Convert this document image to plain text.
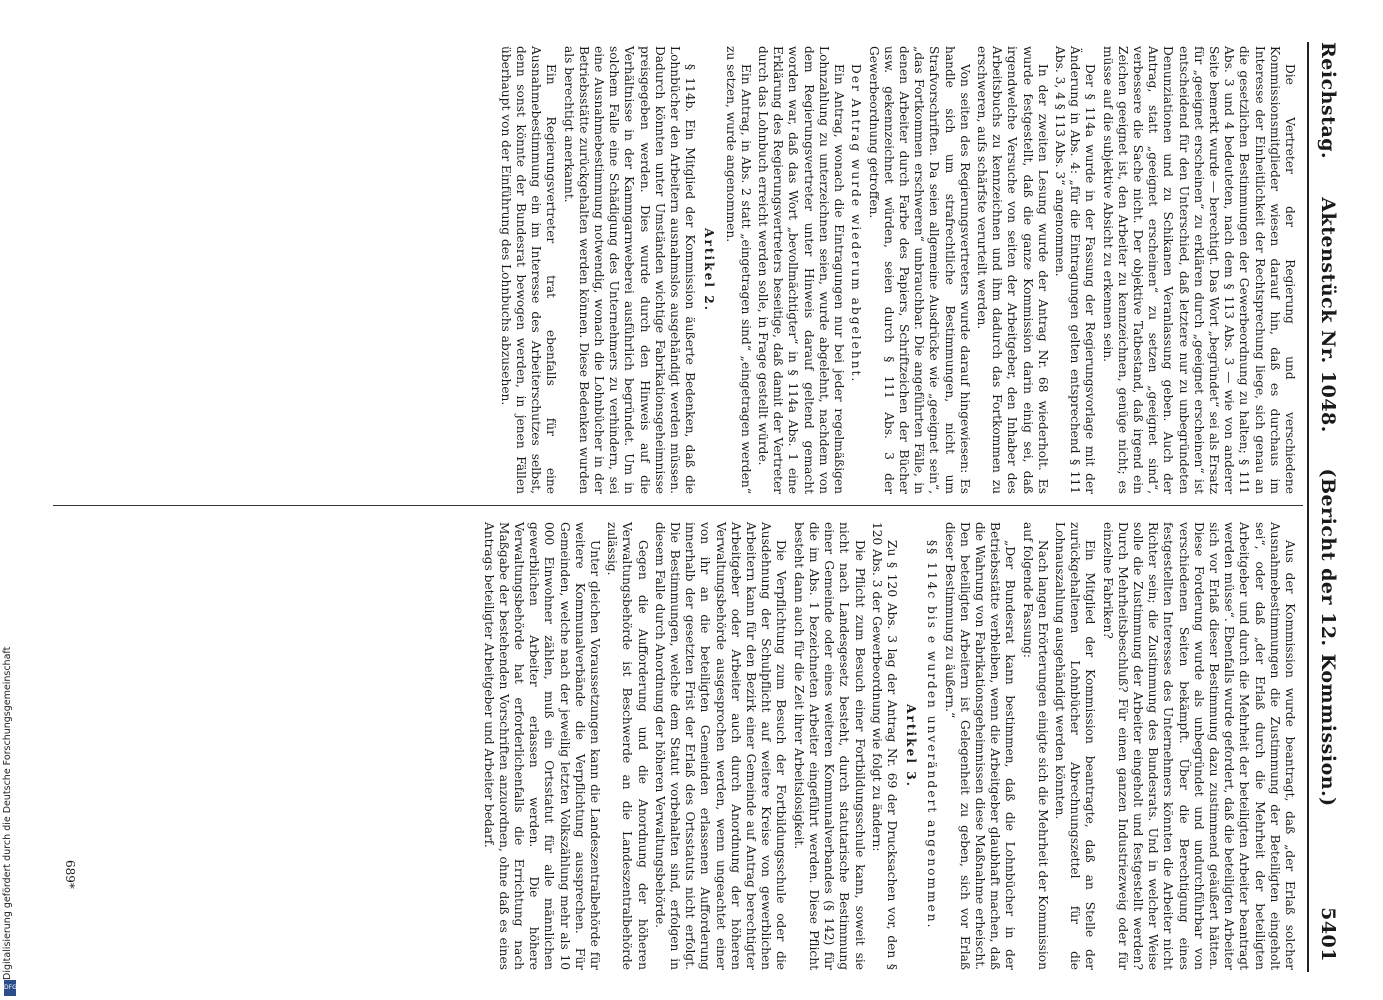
Reichstag.
Aktenstück Nr. 1048.     (Bericht der 12. Kommission.)
5401

Die Vertreter der Regierung und verschiedene Kommissionsmitglieder wiesen darauf hin, daß es durchaus im Interesse der Einheitlichkeit der Rechtsprechung liege, sich genau an die gesetzlichen Bestimmungen der Gewerbeordnung zu halten; § 111 Abs. 3 und 4 bedeuteten, nach dem § 113 Abs. 3 — wie von anderer Seite bemerkt wurde — berechtigt. Das Wort „begründet“ sei als Ersatz für „geeignet erscheinen“ zu erklären durch „geeignet erscheinen“ ist entscheidend für den Unterschied, daß letztere nur zu unbegründeten Denunziationen und zu Schikanen Veranlassung geben. Auch der Antrag, statt „geeignet erscheinen“ zu setzen „geeignet sind“, verbessere die Sache nicht. Der objektive Tatbestand, daß irgend ein Zeichen geeignet ist, den Arbeiter zu kennzeichnen, genüge nicht; es müsse auf die subjektive Absicht zu erkennen sein.

Der § 114a wurde in der Fassung der Regierungsvorlage mit der Änderung in Abs. 4: „für die Eintragungen gelten entsprechend § 111 Abs. 3, 4 § 113 Abs. 3“ angenommen.

In der zweiten Lesung wurde der Antrag Nr. 68 wiederholt. Es wurde festgestellt, daß die ganze Kommission darin einig sei, daß irgendwelche Versuche von seiten der Arbeitgeber, den Inhaber des Arbeitsbuchs zu kennzeichnen und ihm dadurch das Fortkommen zu erschweren, aufs schärfste verurteilt werden.

Von seiten des Regierungsvertreters wurde darauf hingewiesen: Es handle sich um strafrechtliche Bestimmungen, nicht um Strafvorschriften. Da seien allgemeine Ausdrücke wie „geeignet sein“, „das Fortkommen erschweren“ unbrauchbar. Die angeführten Fälle, in denen Arbeiter durch Farbe des Papiers, Schriftzeichen der Bücher usw. gekennzeichnet würden, seien durch § 111 Abs. 3 der Gewerbeordnung getroffen.

Der Antrag wurde wiederum abgelehnt.

Ein Antrag, wonach die Eintragungen nur bei jeder regelmäßigen Lohnzahlung zu unterzeichnen seien, wurde abgelehnt, nachdem von dem Regierungsvertreter unter Hinweis darauf geltend gemacht worden war, daß das Wort „bevollmächtigter“ in § 114a Abs. 1 eine Erklärung des Regierungsvertreters beseitige, daß damit der Vertreter durch das Lohnbuch erreicht werden solle, in Frage gestellt würde.

Ein Antrag, in Abs. 2 statt „eingetragen sind“ „eingetragen werden“ zu setzen, wurde angenommen.

Artikel 2.

§ 114b. Ein Mitglied der Kommission äußerte Bedenken, daß die Lohnbücher den Arbeitern ausnahmslos ausgehändigt werden müssen. Dadurch könnten unter Umständen wichtige Fabrikationsgeheimnisse preisgegeben werden. Dies wurde durch den Hinweis auf die Verhältnisse in der Kammgarnweberei ausführlich begründet. Um in solchem Falle eine Schädigung des Unternehmers zu verhindern, sei eine Ausnahmebestimmung notwendig, wonach die Lohnbücher in der Betriebsstätte zurückgehalten werden können. Diese Bedenken wurden als berechtigt anerkannt.

Ein Regierungsvertreter trat ebenfalls für eine Ausnahmebestimmung ein im Interesse des Arbeiterschutzes selbst, denn sonst könnte der Bundesrat bewogen werden, in jenen Fällen überhaupt von der Einführung des Lohnbuchs abzusehen.

Aus der Kommission wurde beantragt, daß „der Erlaß solcher Ausnahmebestimmungen die Zustimmung der Beteiligten eingeholt sei“, oder daß „der Erlaß durch die Mehrheit der beteiligten Arbeitgeber und durch die Mehrheit der beteiligten Arbeiter beantragt werden müsse“. Ebenfalls wurde gefordert, daß die beteiligten Arbeiter sich vor Erlaß dieser Bestimmung dazu zustimmend geäußert hätten. Diese Forderung wurde als unbegründet und undurchführbar von verschiedenen Seiten bekämpft. Über die Berechtigung eines festgestellten Interesses des Unternehmers könnten die Arbeiter nicht Richter sein; die Zustimmung des Bundesrats. Und in welcher Weise solle die Zustimmung der Arbeiter eingeholt und festgestellt werden? Durch Mehrheitsbeschluß? Für einen ganzen Industriezweig oder für einzelne Fabriken?

Ein Mitglied der Kommission beantragte, daß an Stelle der zurückgehaltenen Lohnbücher Abrechnungszettel für die Lohnauszahlung ausgehändigt werden könnten.

Nach langen Erörterungen einigte sich die Mehrheit der Kommission auf folgende Fassung:

„Der Bundesrat kann bestimmen, daß die Lohnbücher in der Betriebsstätte verbleiben, wenn die Arbeitgeber glaubhaft machen, daß die Wahrung von Fabrikationsgeheimnissen diese Maßnahme erheischt. Den beteiligten Arbeitern ist Gelegenheit zu geben, sich vor Erlaß dieser Bestimmung zu äußern.“

§§ 114c bis e wurden unverändert angenommen.

Artikel 3.

Zu § 120 Abs. 3 lag der Antrag Nr. 69 der Drucksachen vor, den § 120 Abs. 3 der Gewerbeordnung wie folgt zu ändern:

Die Pflicht zum Besuch einer Fortbildungsschule kann, soweit sie nicht nach Landesgesetz besteht, durch statutarische Bestimmung einer Gemeinde oder eines weiteren Kommunalverbandes (§ 142) für die im Abs. 1 bezeichneten Arbeiter eingeführt werden. Diese Pflicht besteht dann auch für die Zeit ihrer Arbeitslosigkeit.

Die Verpflichtung zum Besuch der Fortbildungsschule oder die Ausdehnung der Schulpflicht auf weitere Kreise von gewerblichen Arbeitern kann für den Bezirk einer Gemeinde auf Antrag berechtigter Arbeitgeber oder Arbeiter auch durch Anordnung der höheren Verwaltungsbehörde ausgesprochen werden, wenn ungeachtet einer von ihr an die beteiligten Gemeinden erlassenen Aufforderung innerhalb der gesetzten Frist der Erlaß des Ortsstatuts nicht erfolgt. Die Bestimmungen, welche dem Statut vorbehalten sind, erfolgen in diesem Falle durch Anordnung der höheren Verwaltungsbehörde.

Gegen die Aufforderung und die Anordnung der höheren Verwaltungsbehörde ist Beschwerde an die Landeszentralbehörde zulässig.

Unter gleichen Voraussetzungen kann die Landeszentralbehörde für weitere Kommunalverbände die Verpflichtung aussprechen. Für Gemeinden, welche nach der jeweilig letzten Volkszählung mehr als 10 000 Einwohner zählen, muß ein Ortsstatut für alle männlichen gewerblichen Arbeiter erlassen werden. Die höhere Verwaltungsbehörde hat erforderlichenfalls die Errichtung nach Maßgabe der bestehenden Vorschriften anzuordnen, ohne daß es eines Antrags beteiligter Arbeitgeber und Arbeiter bedarf.

689*
Digitalisierung gefördert durch die Deutsche Forschungsgemeinschaft
DFG
